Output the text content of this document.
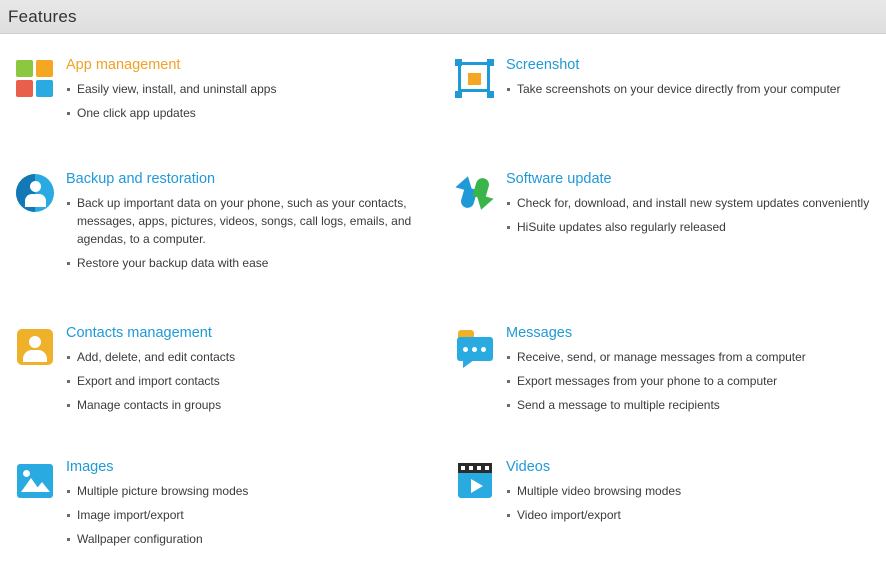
Features
App management
Easily view, install, and uninstall apps
One click app updates
Screenshot
Take screenshots on your device directly from your computer
Backup and restoration
Back up important data on your phone, such as your contacts, messages, apps, pictures, videos, songs, call logs, emails, and agendas, to a computer.
Restore your backup data with ease
Software update
Check for, download, and install new system updates conveniently
HiSuite updates also regularly released
Contacts management
Add, delete, and edit contacts
Export and import contacts
Manage contacts in groups
Messages
Receive, send, or manage messages from a computer
Export messages from your phone to a computer
Send a message to multiple recipients
Images
Multiple picture browsing modes
Image import/export
Wallpaper configuration
Videos
Multiple video browsing modes
Video import/export
